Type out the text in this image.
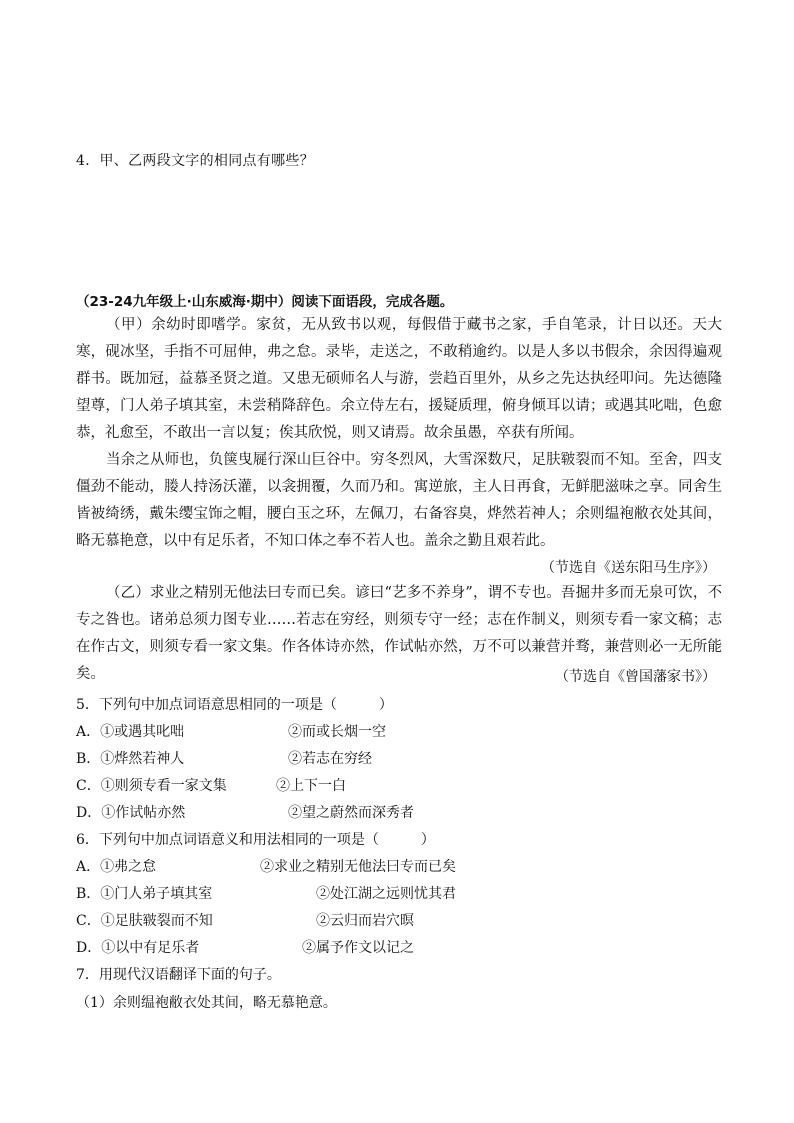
4．甲、乙两段文字的相同点有哪些？
（23-24九年级上·山东威海·期中）阅读下面语段，完成各题。
（甲）余幼时即嗜学。家贫，无从致书以观，每假借于藏书之家，手自笔录，计日以还。天大寒，砚冰坚，手指不可屈伸，弗之怠。录毕，走送之，不敢稍逾约。以是人多以书假余，余因得遍观群书。既加冠，益慕圣贤之道。又患无硕师名人与游，尝趋百里外，从乡之先达执经叩问。先达德隆望尊，门人弟子填其室，未尝稍降辞色。余立侍左右，援疑质理，俯身倾耳以请；或遇其叱咄，色愈恭，礼愈至，不敢出一言以复；俟其欣悦，则又请焉。故余虽愚，卒获有所闻。
当余之从师也，负箧曳屣行深山巨谷中。穷冬烈风，大雪深数尺，足肤皲裂而不知。至舍，四支僵劲不能动，媵人持汤沃灌，以衾拥覆，久而乃和。寓逆旅，主人日再食，无鲜肥滋味之享。同舍生皆被绮绣，戴朱缨宝饰之帽，腰白玉之环，左佩刀，右备容臭，烨然若神人；余则缊袍敝衣处其间，略无慕艳意，以中有足乐者，不知口体之奉不若人也。盖余之勤且艰若此。
（节选自《送东阳马生序》）
（乙）求业之精别无他法曰专而已矣。谚曰“艺多不养身”，谓不专也。吾掘井多而无泉可饮，不专之咎也。诸弟总须力图专业……若志在穷经，则须专守一经；志在作制义，则须专看一家文稿；志在作古文，则须专看一家文集。作各体诗亦然，作试帖亦然，万不可以兼营并骛，兼营则必一无所能矣。	（节选自《曾国藩家书》）
5．下列句中加点词语意思相同的一项是（　　　）
A．①或遇其叱咄	②而或长烟一空
B．①烨然若神人	②若志在穷经
C．①则须专看一家文集	②上下一白
D．①作试帖亦然	②望之蔚然而深秀者
6．下列句中加点词语意义和用法相同的一项是（　　　）
A．①弗之怠	②求业之精别无他法曰专而已矣
B．①门人弟子填其室	②处江湖之远则忧其君
C．①足肤皲裂而不知	②云归而岩穴暝
D．①以中有足乐者	②属予作文以记之
7．用现代汉语翻译下面的句子。
（1）余则缊袍敝衣处其间，略无慕艳意。
